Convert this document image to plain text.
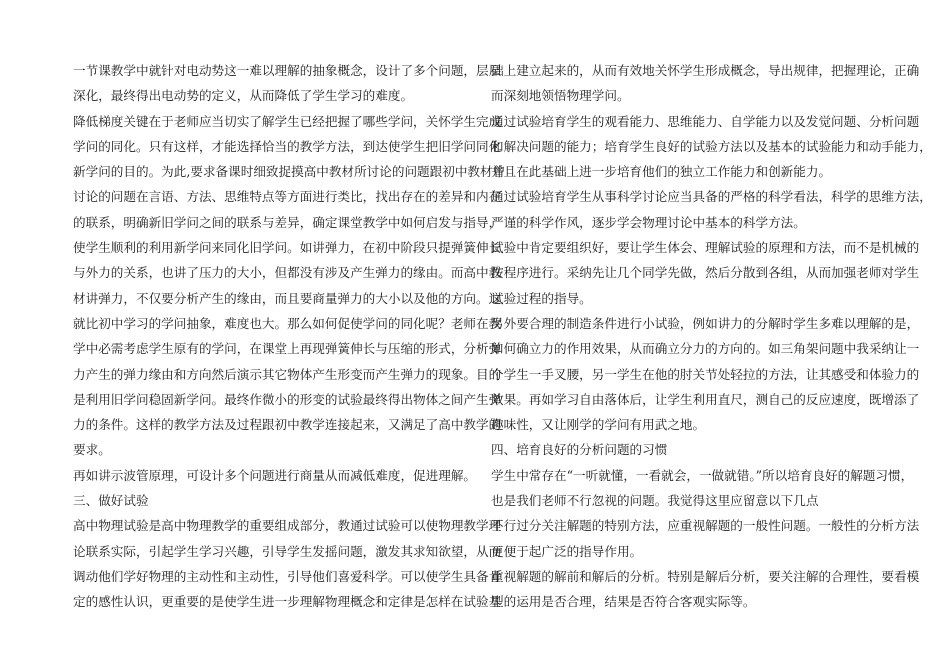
一节课教学中就针对电动势这一难以理解的抽象概念，设计了多个问题，层层
深化，最终得出电动势的定义，从而降低了学生学习的难度。
降低梯度关键在于老师应当切实了解学生已经把握了哪些学问，关怀学生完成
学问的同化。只有这样，才能选择恰当的教学方法，到达使学生把旧学问同化
新学问的目的。为此,要求备课时细致捉摸高中教材所讨论的问题跟初中教材曾
讨论的问题在言语、方法、思维特点等方面进行类比，找出存在的差异和内在
的联系，明确新旧学问之间的联系与差异，确定课堂教学中如何启发与指导，
使学生顺利的利用新学问来同化旧学问。如讲弹力，在初中阶段只提弹簧伸长
与外力的关系，也讲了压力的大小，但都没有涉及产生弹力的缘由。而高中教
材讲弹力，不仅要分析产生的缘由，而且要商量弹力的大小以及他的方向。这
就比初中学习的学问抽象，难度也大。那么如何促使学问的同化呢？老师在教
学中必需考虑学生原有的学问，在课堂上再现弹簧伸长与压缩的形式，分析弹
力产生的弹力缘由和方向然后演示其它物体产生形变而产生弹力的现象。目的
是利用旧学问稳固新学问。最终作微小的形变的试验最终得出物体之间产生弹
力的条件。这样的教学方法及过程跟初中教学连接起来，又满足了高中教学的
要求。
再如讲示波管原理，可设计多个问题进行商量从而减低难度，促进理解。
三、做好试验
高中物理试验是高中物理教学的重要组成部分，教通过试验可以使物理教学理
论联系实际，引起学生学习兴趣，引导学生发摇问题，激发其求知欲望，从而
调动他们学好物理的主动性和主动性，引导他们喜爱科学。可以使学生具备肯
定的感性认识，更重要的是使学生进一步理解物理概念和定律是怎样在试验基
础上建立起来的，从而有效地关怀学生形成概念，导出规律，把握理论，正确
而深刻地领悟物理学问。
通过试验培育学生的观看能力、思维能力、自学能力以及发觉问题、分析问题
和解决问题的能力；培育学生良好的试验方法以及基本的试验能力和动手能力，
并且在此基础上进一步培育他们的独立工作能力和创新能力。
通过试验培育学生从事科学讨论应当具备的严格的科学看法，科学的思维方法，
严谨的科学作风，逐步学会物理讨论中基本的科学方法。
试验中肯定要组织好，要让学生体会、理解试验的原理和方法，而不是机械的
按程序进行。采纳先让几个同学先做，然后分散到各组，从而加强老师对学生
试验过程的指导。
另外要合理的制造条件进行小试验，例如讲力的分解时学生多难以理解的是，
如何确立力的作用效果，从而确立分力的方向的。如三角架问题中我采纳让一
个学生一手叉腰，另一学生在他的肘关节处轻拉的方法，让其感受和体验力的
效果。再如学习自由落体后，让学生利用直尺，测自己的反应速度，既增添了
趣味性，又让刚学的学问有用武之地。
四、培育良好的分析问题的习惯
学生中常存在“一听就懂，一看就会，一做就错。”所以培育良好的解题习惯，
也是我们老师不行忽视的问题。我觉得这里应留意以下几点
不行过分关注解题的特别方法，应重视解题的一般性问题。一般性的分析方法
更便于起广泛的指导作用。
重视解题的解前和解后的分析。特别是解后分析，要关注解的合理性，要看模
型的运用是否合理，结果是否符合客观实际等。
